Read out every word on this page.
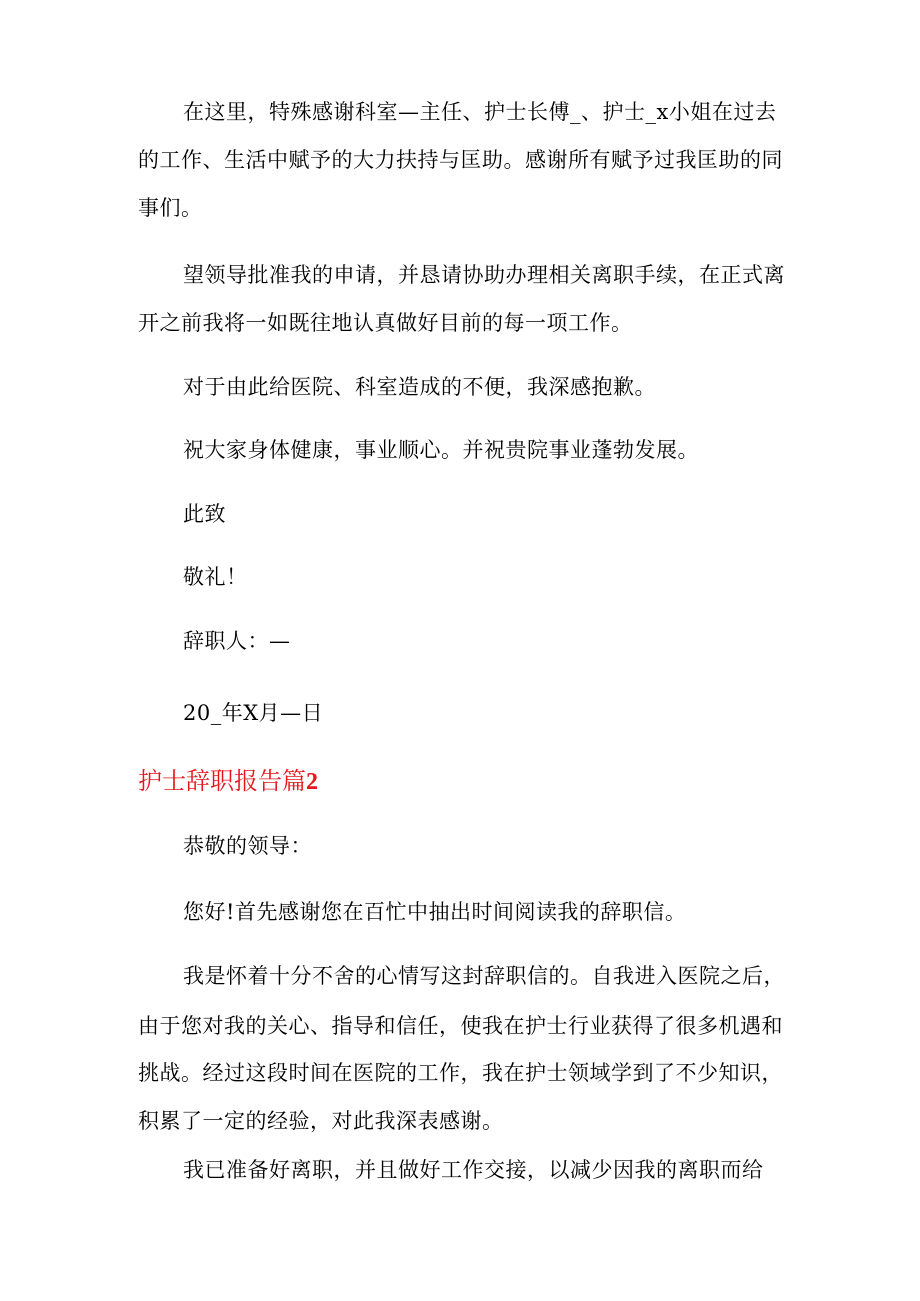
在这里，特殊感谢科室—主任、护士长傅_、护士_x小姐在过去
的工作、生活中赋予的大力扶持与匡助。感谢所有赋予过我匡助的同
事们。
望领导批准我的申请，并恳请协助办理相关离职手续，在正式离
开之前我将一如既往地认真做好目前的每一项工作。
对于由此给医院、科室造成的不便，我深感抱歉。
祝大家身体健康，事业顺心。并祝贵院事业蓬勃发展。
此致
敬礼！
辞职人：—
20_年X月—日
护士辞职报告篇2
恭敬的领导：
您好!首先感谢您在百忙中抽出时间阅读我的辞职信。
我是怀着十分不舍的心情写这封辞职信的。自我进入医院之后，
由于您对我的关心、指导和信任，使我在护士行业获得了很多机遇和
挑战。经过这段时间在医院的工作，我在护士领域学到了不少知识，
积累了一定的经验，对此我深表感谢。
我已准备好离职，并且做好工作交接，以减少因我的离职而给
